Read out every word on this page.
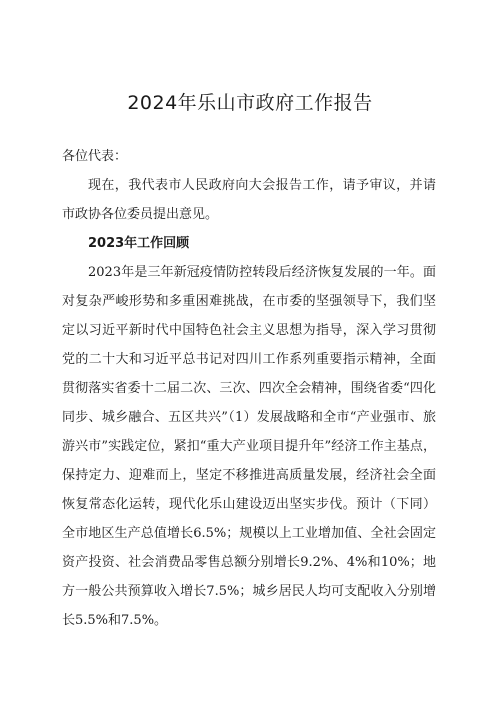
2024年乐山市政府工作报告

各位代表：

现在，我代表市人民政府向大会报告工作，请予审议，并请市政协各位委员提出意见。

2023年工作回顾

2023年是三年新冠疫情防控转段后经济恢复发展的一年。面对复杂严峻形势和多重困难挑战，在市委的坚强领导下，我们坚定以习近平新时代中国特色社会主义思想为指导，深入学习贯彻党的二十大和习近平总书记对四川工作系列重要指示精神，全面贯彻落实省委十二届二次、三次、四次全会精神，围绕省委“四化同步、城乡融合、五区共兴”（1）发展战略和全市“产业强市、旅游兴市”实践定位，紧扣“重大产业项目提升年”经济工作主基点，保持定力、迎难而上，坚定不移推进高质量发展，经济社会全面恢复常态化运转，现代化乐山建设迈出坚实步伐。预计（下同）全市地区生产总值增长6.5%；规模以上工业增加值、全社会固定资产投资、社会消费品零售总额分别增长9.2%、4%和10%；地方一般公共预算收入增长7.5%；城乡居民人均可支配收入分别增长5.5%和7.5%。
